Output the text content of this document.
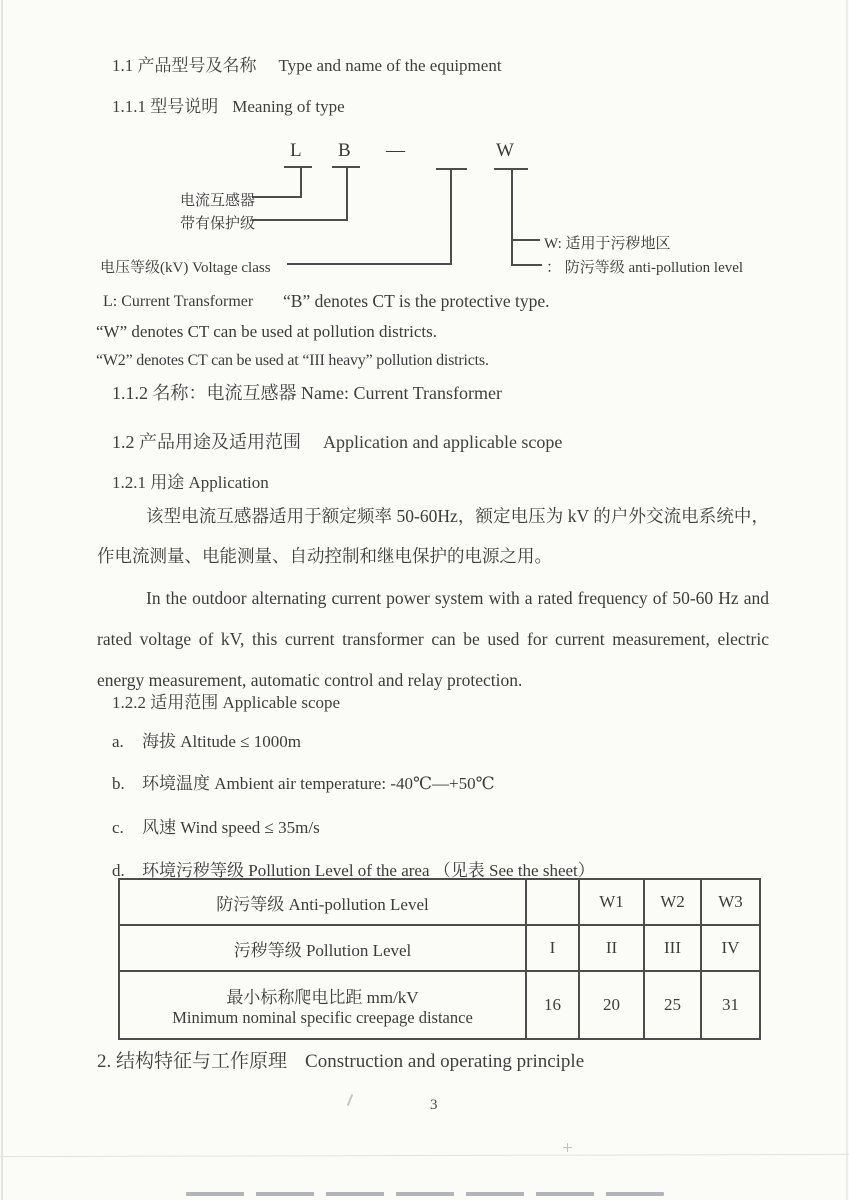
1.1 产品型号及名称 Type and name of the equipment
1.1.1 型号说明 Meaning of type
L B —	W
电流互感器
带有保护级
电压等级(kV) Voltage class
W: 适用于污秽地区
： 防污等级 anti-pollution level
L: Current Transformer “B” denotes CT is the protective type.
“W” denotes CT can be used at pollution districts.
“W2” denotes CT can be used at “III heavy” pollution districts.
1.1.2 名称：电流互感器 Name: Current Transformer
1.2 产品用途及适用范围 Application and applicable scope
1.2.1 用途 Application
该型电流互感器适用于额定频率 50-60Hz，额定电压为 kV 的户外交流电系统中，作电流测量、电能测量、自动控制和继电保护的电源之用。
In the outdoor alternating current power system with a rated frequency of 50-60 Hz and rated voltage of kV, this current transformer can be used for current measurement, electric energy measurement, automatic control and relay protection.
1.2.2 适用范围 Applicable scope
a. 海拔 Altitude ≤ 1000m
b. 环境温度 Ambient air temperature: -40℃—+50℃
c. 风速 Wind speed ≤ 35m/s
d. 环境污秽等级 Pollution Level of the area （见表 See the sheet）
防污等级 Anti-pollution Level		W1	W2	W3
污秽等级 Pollution Level	I	II	III	IV

最小标称爬电比距 mm/kV
Minimum nominal specific creepage distance	16	20	25	31
2. 结构特征与工作原理 Construction and operating principle
3
